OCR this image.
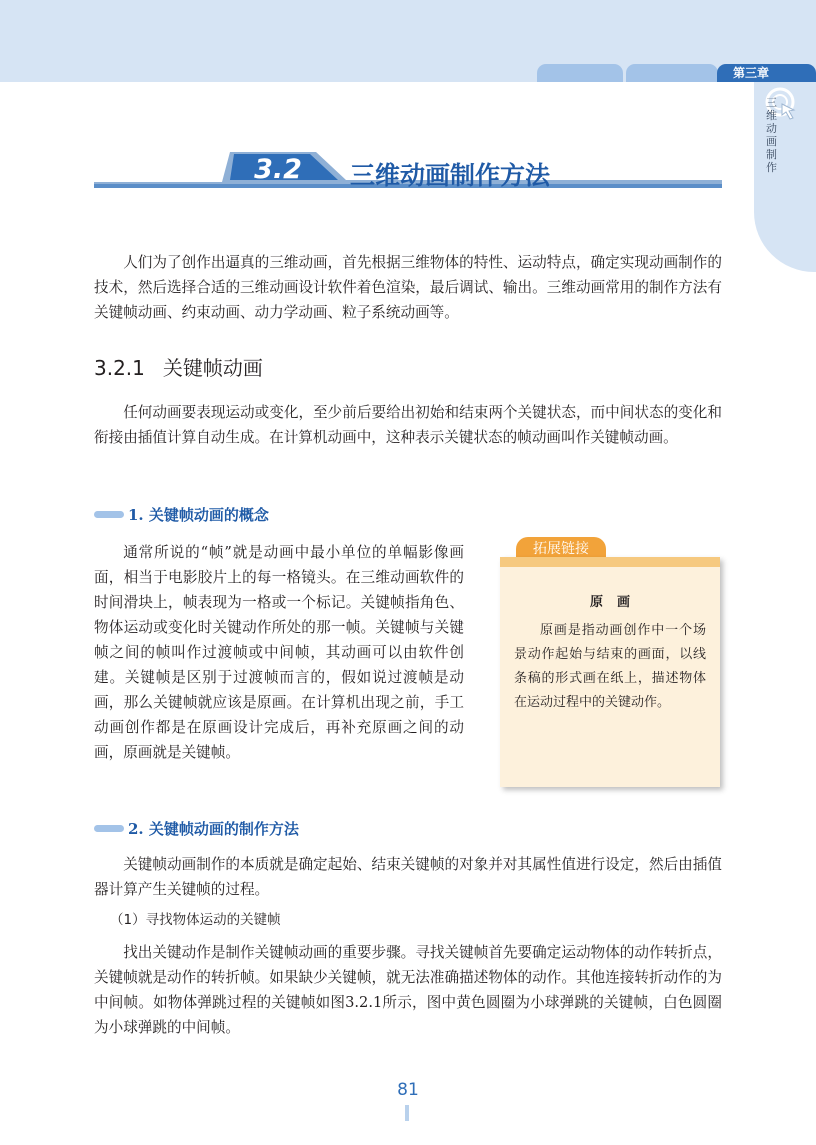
第三章
三维动画制作
3.2	三维动画制作方法

人们为了创作出逼真的三维动画，首先根据三维物体的特性、运动特点，确定实现动画制作的技术，然后选择合适的三维动画设计软件着色渲染，最后调试、输出。三维动画常用的制作方法有关键帧动画、约束动画、动力学动画、粒子系统动画等。

3.2.1 关键帧动画

任何动画要表现运动或变化，至少前后要给出初始和结束两个关键状态，而中间状态的变化和衔接由插值计算自动生成。在计算机动画中，这种表示关键状态的帧动画叫作关键帧动画。

1. 关键帧动画的概念

通常所说的“帧”就是动画中最小单位的单幅影像画面，相当于电影胶片上的每一格镜头。在三维动画软件的时间滑块上，帧表现为一格或一个标记。关键帧指角色、物体运动或变化时关键动作所处的那一帧。关键帧与关键帧之间的帧叫作过渡帧或中间帧，其动画可以由软件创建。关键帧是区别于过渡帧而言的，假如说过渡帧是动画，那么关键帧就应该是原画。在计算机出现之前，手工动画创作都是在原画设计完成后，再补充原画之间的动画，原画就是关键帧。

拓展链接
原画

原画是指动画创作中一个场景动作起始与结束的画面，以线条稿的形式画在纸上，描述物体在运动过程中的关键动作。

2. 关键帧动画的制作方法

关键帧动画制作的本质就是确定起始、结束关键帧的对象并对其属性值进行设定，然后由插值器计算产生关键帧的过程。

（1）寻找物体运动的关键帧

找出关键动作是制作关键帧动画的重要步骤。寻找关键帧首先要确定运动物体的动作转折点，关键帧就是动作的转折帧。如果缺少关键帧，就无法准确描述物体的动作。其他连接转折动作的为中间帧。如物体弹跳过程的关键帧如图3.2.1所示，图中黄色圆圈为小球弹跳的关键帧，白色圆圈为小球弹跳的中间帧。

81
